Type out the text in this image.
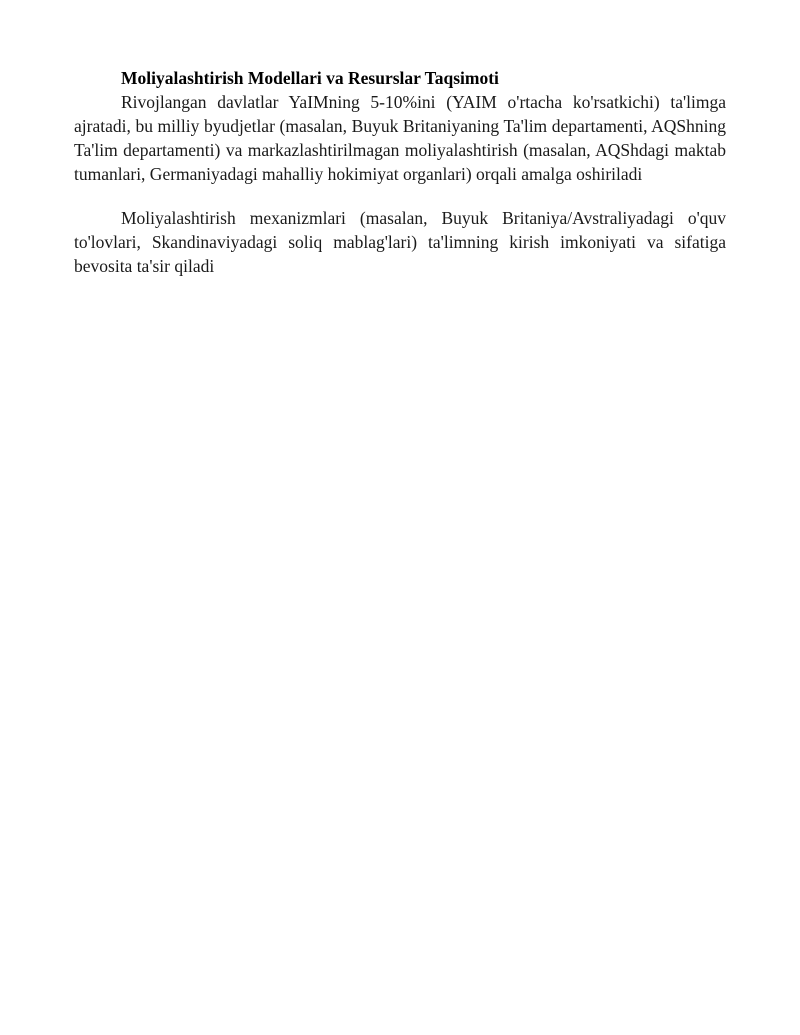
Moliyalashtirish Modellari va Resurslar Taqsimoti

Rivojlangan davlatlar YaIMning 5-10%ini (YAIM o'rtacha ko'rsatkichi) ta'limga ajratadi, bu milliy byudjetlar (masalan, Buyuk Britaniyaning Ta'lim departamenti, AQShning Ta'lim departamenti) va markazlashtirilmagan moliyalashtirish (masalan, AQShdagi maktab tumanlari, Germaniyadagi mahalliy hokimiyat organlari) orqali amalga oshiriladi

Moliyalashtirish mexanizmlari (masalan, Buyuk Britaniya/Avstraliyadagi o'quv to'lovlari, Skandinaviyadagi soliq mablag'lari) ta'limning kirish imkoniyati va sifatiga bevosita ta'sir qiladi
